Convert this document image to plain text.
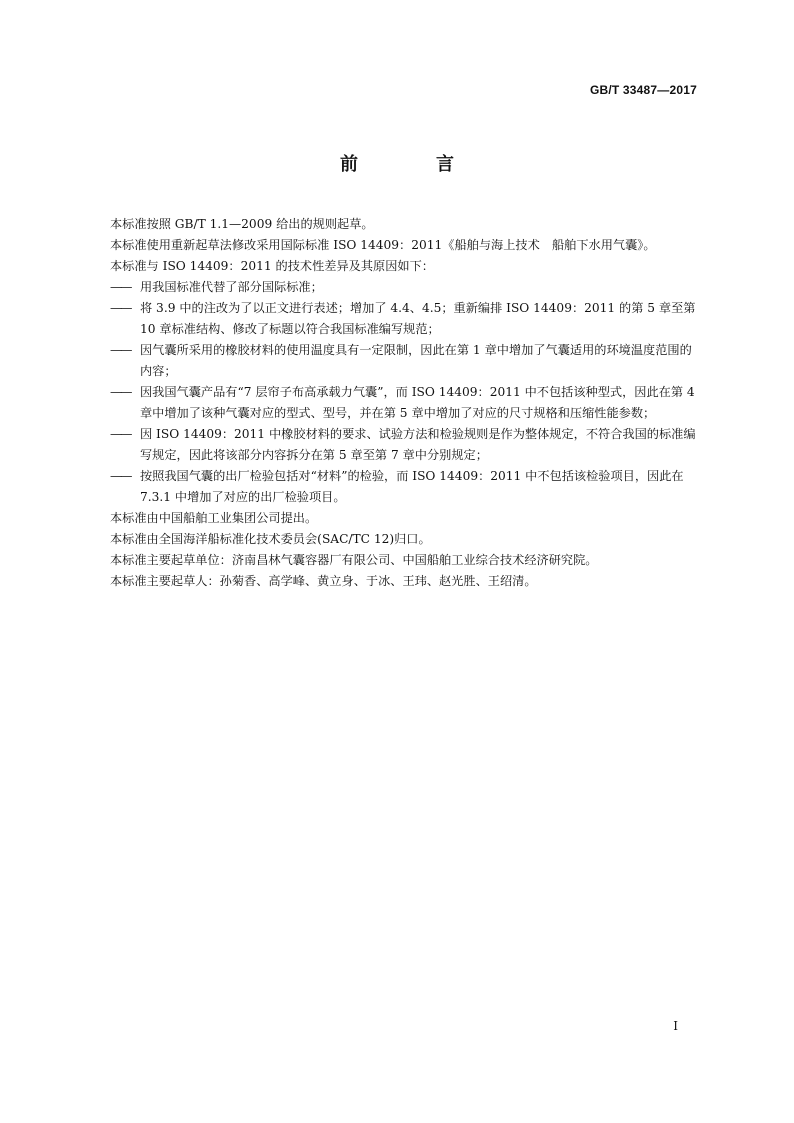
GB/T 33487—2017
前　言

本标准按照 GB/T 1.1—2009 给出的规则起草。

本标准使用重新起草法修改采用国际标准 ISO 14409：2011《船舶与海上技术　船舶下水用气囊》。

本标准与 ISO 14409：2011 的技术性差异及其原因如下：

—— 用我国标准代替了部分国际标准；
—— 将 3.9 中的注改为了以正文进行表述；增加了 4.4、4.5；重新编排 ISO 14409：2011 的第 5 章至第 10 章标准结构、修改了标题以符合我国标准编写规范；
—— 因气囊所采用的橡胶材料的使用温度具有一定限制，因此在第 1 章中增加了气囊适用的环境温度范围的内容；
—— 因我国气囊产品有“7 层帘子布高承载力气囊”，而 ISO 14409：2011 中不包括该种型式，因此在第 4 章中增加了该种气囊对应的型式、型号，并在第 5 章中增加了对应的尺寸规格和压缩性能参数；
—— 因 ISO 14409：2011 中橡胶材料的要求、试验方法和检验规则是作为整体规定，不符合我国的标准编写规定，因此将该部分内容拆分在第 5 章至第 7 章中分别规定；
—— 按照我国气囊的出厂检验包括对“材料”的检验，而 ISO 14409：2011 中不包括该检验项目，因此在 7.3.1 中增加了对应的出厂检验项目。

本标准由中国船舶工业集团公司提出。

本标准由全国海洋船标准化技术委员会(SAC/TC 12)归口。

本标准主要起草单位：济南昌林气囊容器厂有限公司、中国船舶工业综合技术经济研究院。

本标准主要起草人：孙菊香、高学峰、黄立身、于冰、王玮、赵光胜、王绍清。

I
